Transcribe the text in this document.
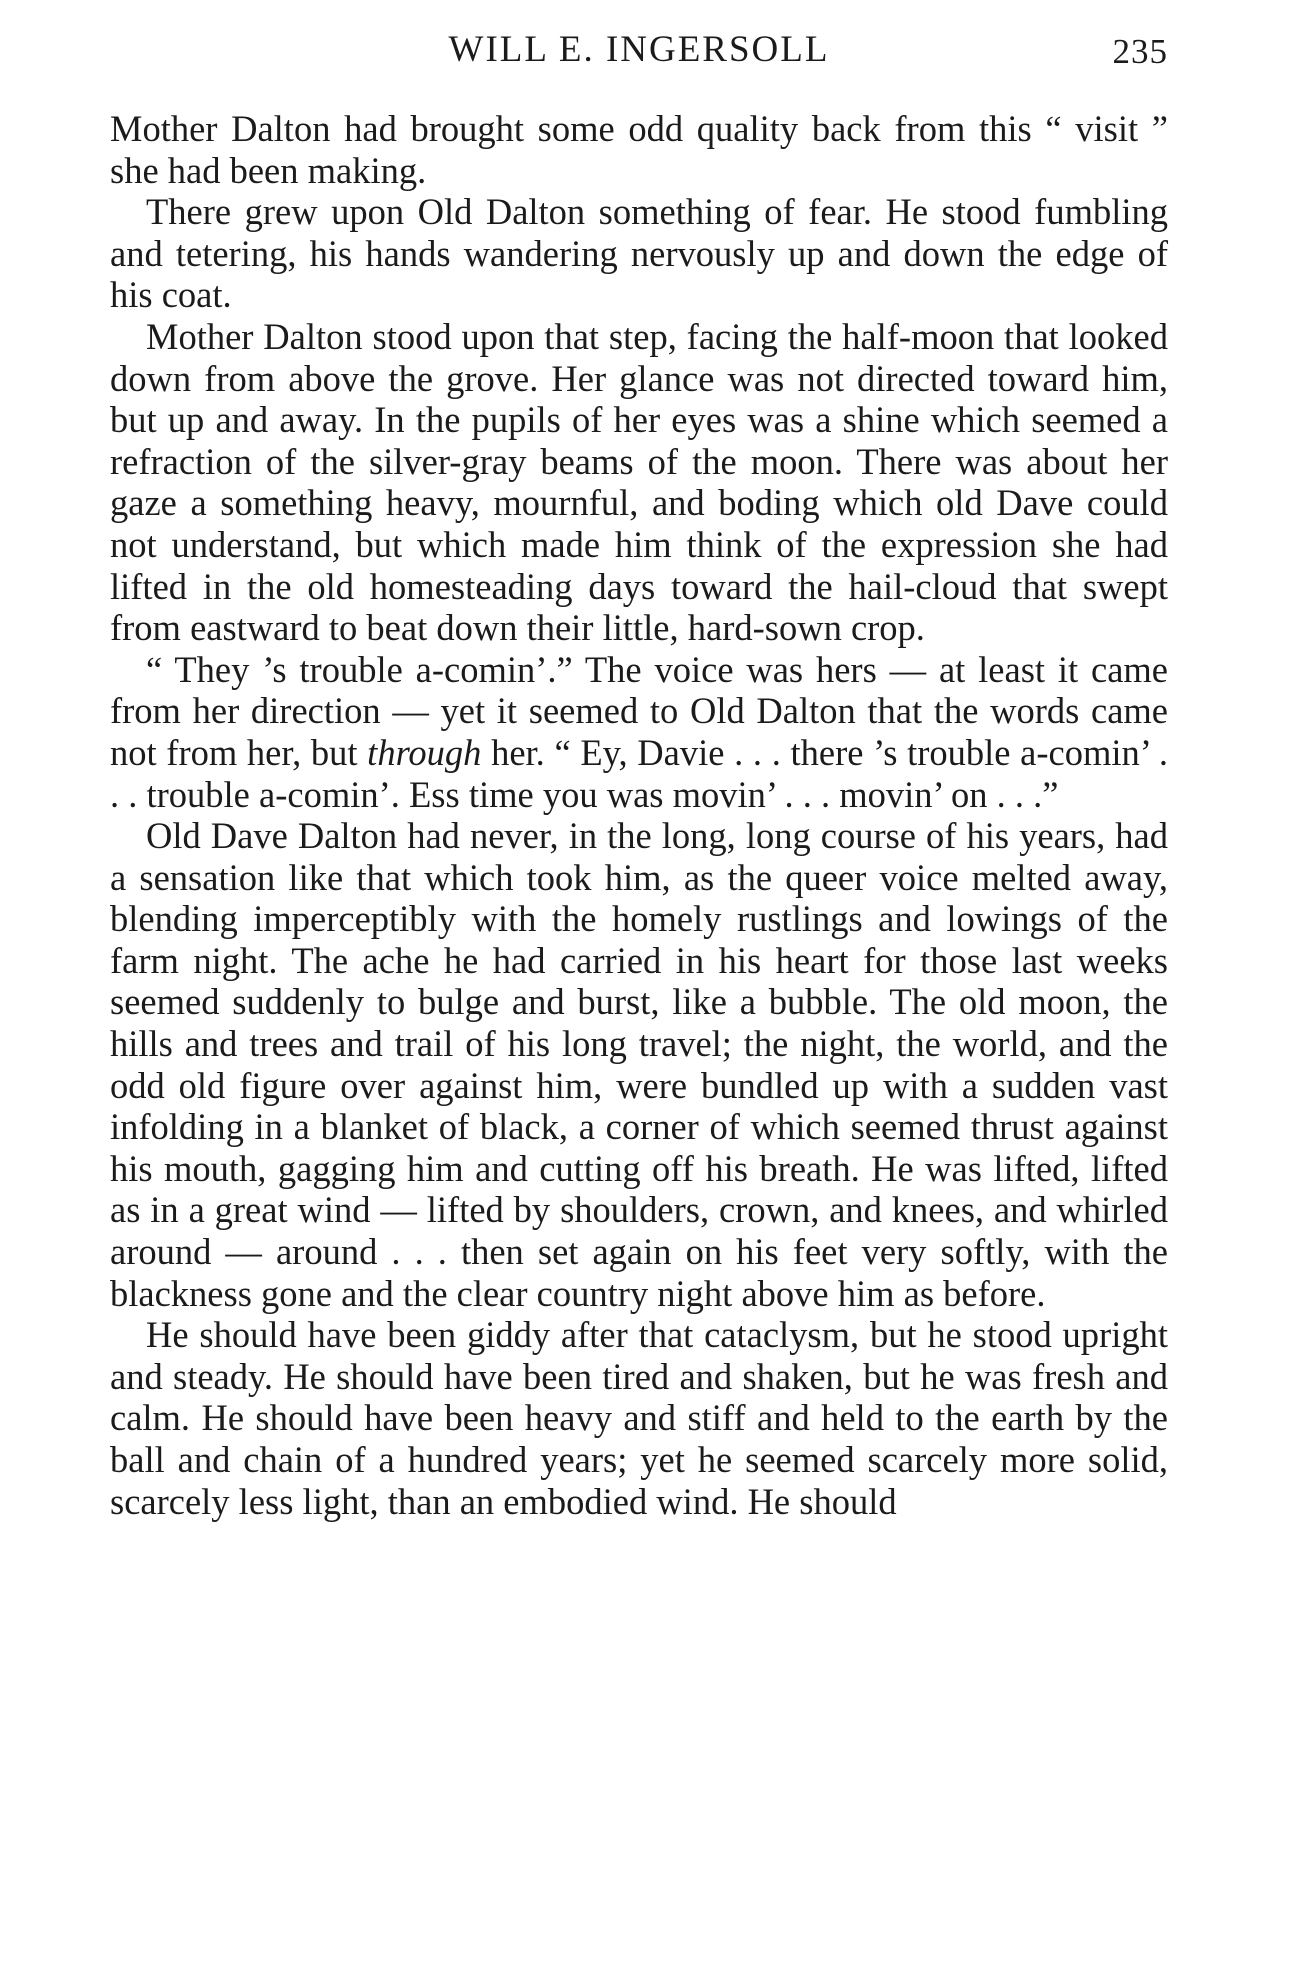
WILL E. INGERSOLL	235

Mother Dalton had brought some odd quality back from this “ visit ” she had been making.

There grew upon Old Dalton something of fear. He stood fumbling and tetering, his hands wandering nervously up and down the edge of his coat.

Mother Dalton stood upon that step, facing the half-moon that looked down from above the grove. Her glance was not directed toward him, but up and away. In the pupils of her eyes was a shine which seemed a refraction of the silver-gray beams of the moon. There was about her gaze a something heavy, mournful, and boding which old Dave could not understand, but which made him think of the expression she had lifted in the old homesteading days toward the hail-cloud that swept from eastward to beat down their little, hard-sown crop.

“ They ’s trouble a-comin’.” The voice was hers — at least it came from her direction — yet it seemed to Old Dalton that the words came not from her, but through her. “ Ey, Davie . . . there ’s trouble a-comin’ . . . trouble a-comin’. Ess time you was movin’ . . . movin’ on . . .”

Old Dave Dalton had never, in the long, long course of his years, had a sensation like that which took him, as the queer voice melted away, blending imperceptibly with the homely rustlings and lowings of the farm night. The ache he had carried in his heart for those last weeks seemed suddenly to bulge and burst, like a bubble. The old moon, the hills and trees and trail of his long travel; the night, the world, and the odd old figure over against him, were bundled up with a sudden vast infolding in a blanket of black, a corner of which seemed thrust against his mouth, gagging him and cutting off his breath. He was lifted, lifted as in a great wind — lifted by shoulders, crown, and knees, and whirled around — around . . . then set again on his feet very softly, with the blackness gone and the clear country night above him as before.

He should have been giddy after that cataclysm, but he stood upright and steady. He should have been tired and shaken, but he was fresh and calm. He should have been heavy and stiff and held to the earth by the ball and chain of a hundred years; yet he seemed scarcely more solid, scarcely less light, than an embodied wind. He should
